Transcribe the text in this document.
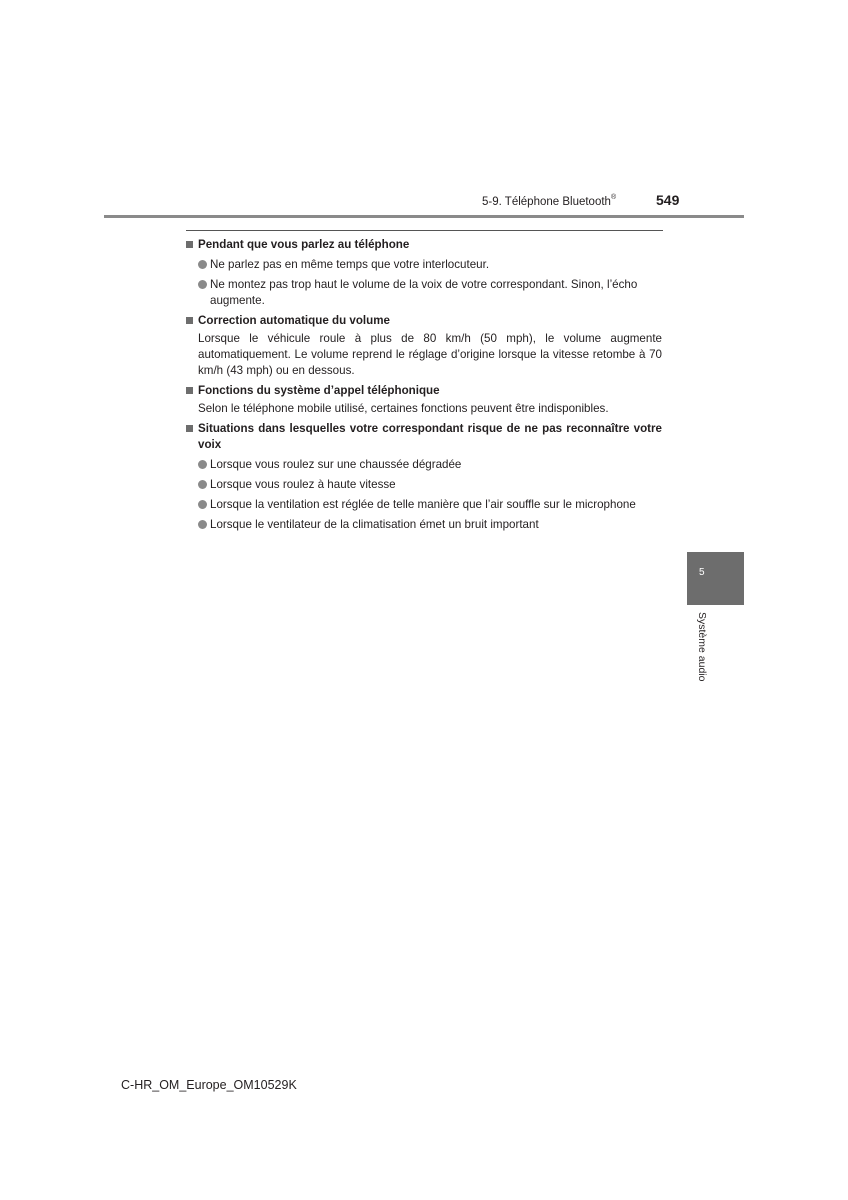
5-9. Téléphone Bluetooth®	549
Pendant que vous parlez au téléphone
Ne parlez pas en même temps que votre interlocuteur.
Ne montez pas trop haut le volume de la voix de votre correspondant. Sinon, l’écho augmente.
Correction automatique du volume
Lorsque le véhicule roule à plus de 80 km/h (50 mph), le volume augmente automatiquement. Le volume reprend le réglage d’origine lorsque la vitesse retombe à 70 km/h (43 mph) ou en dessous.
Fonctions du système d’appel téléphonique
Selon le téléphone mobile utilisé, certaines fonctions peuvent être indisponibles.
Situations dans lesquelles votre correspondant risque de ne pas reconnaître votre voix
Lorsque vous roulez sur une chaussée dégradée
Lorsque vous roulez à haute vitesse
Lorsque la ventilation est réglée de telle manière que l’air souffle sur le microphone
Lorsque le ventilateur de la climatisation émet un bruit important
5
Système audio
C-HR_OM_Europe_OM10529K
